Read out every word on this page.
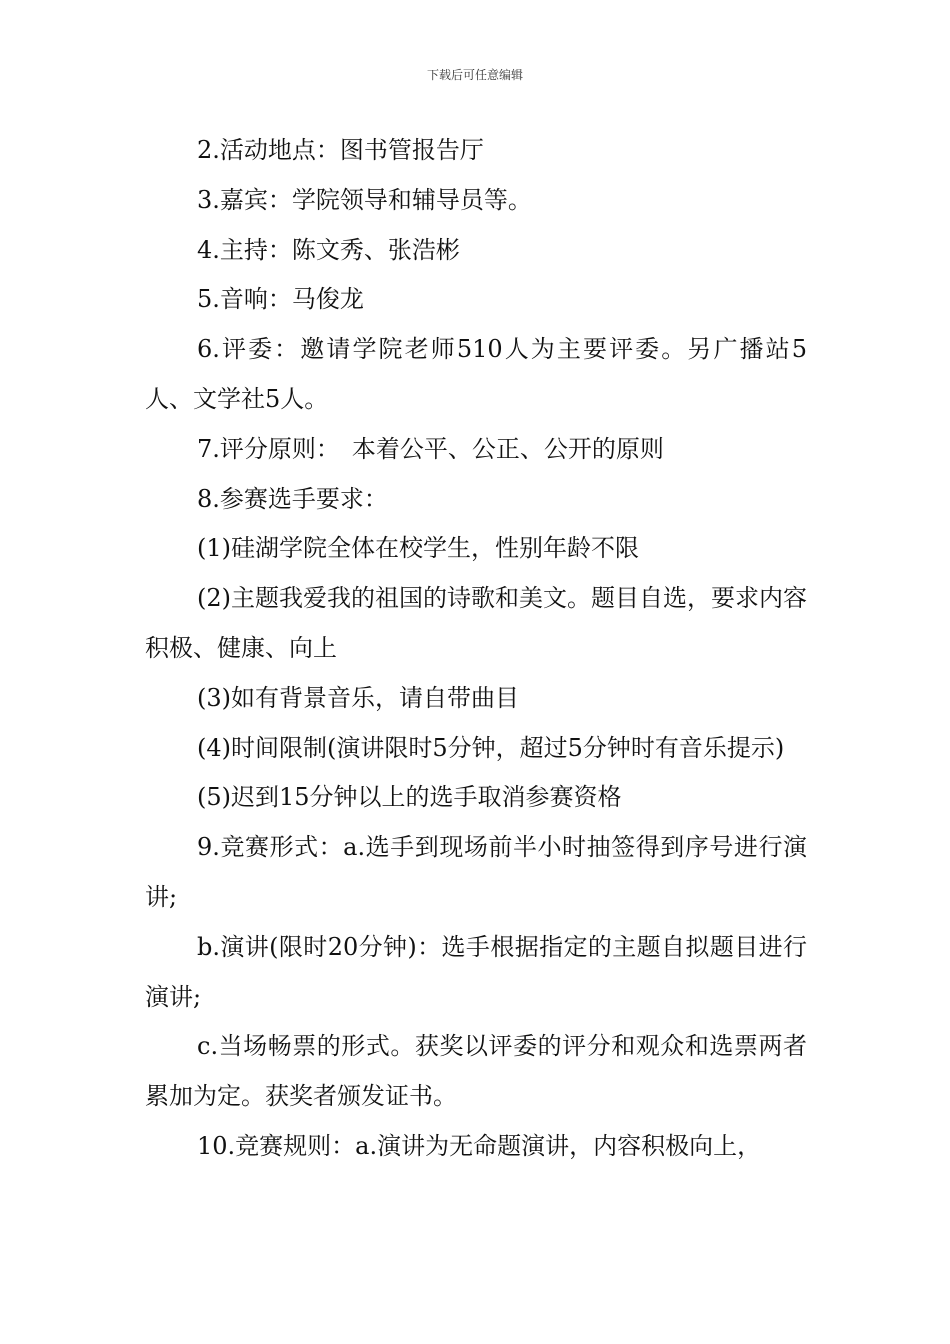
下载后可任意编辑

2.活动地点：图书管报告厅

3.嘉宾：学院领导和辅导员等。

4.主持：陈文秀、张浩彬

5.音响：马俊龙

6.评委：邀请学院老师510人为主要评委。另广播站5人、文学社5人。

7.评分原则：　本着公平、公正、公开的原则

8.参赛选手要求：

(1)硅湖学院全体在校学生，性别年龄不限

(2)主题我爱我的祖国的诗歌和美文。题目自选，要求内容积极、健康、向上

(3)如有背景音乐，请自带曲目

(4)时间限制(演讲限时5分钟，超过5分钟时有音乐提示)

(5)迟到15分钟以上的选手取消参赛资格

9.竞赛形式：a.选手到现场前半小时抽签得到序号进行演讲;

b.演讲(限时20分钟)：选手根据指定的主题自拟题目进行演讲;

c.当场畅票的形式。获奖以评委的评分和观众和选票两者累加为定。获奖者颁发证书。

10.竞赛规则：a.演讲为无命题演讲，内容积极向上，
